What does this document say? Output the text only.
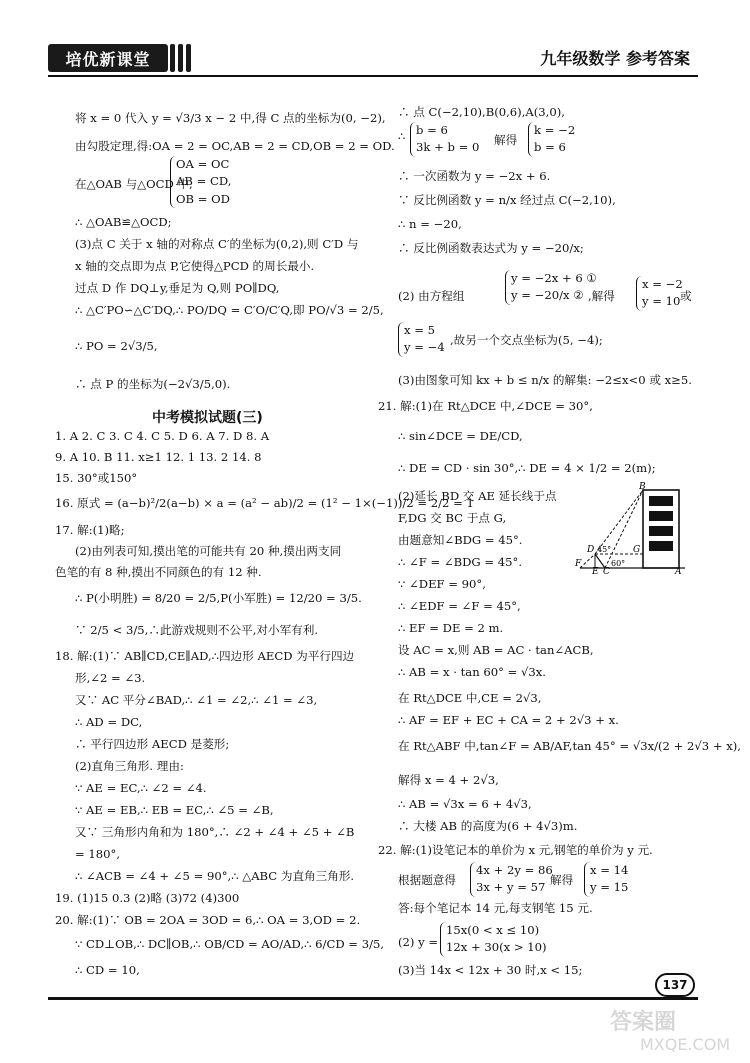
培优新课堂	九年级数学 参考答案
将 x = 0 代入 y = √3/3 x − 2 中,得 C 点的坐标为(0, −2),
由勾股定理,得:OA = 2 = OC,AB = 2 = CD,OB = 2 = OD.
在△OAB 与△OCD 中,
OA = OC
AB = CD,
OB = OD
∴ △OAB≌△OCD;
(3)点 C 关于 x 轴的对称点 C′的坐标为(0,2),则 C′D 与
x 轴的交点即为点 P,它使得△PCD 的周长最小.
过点 D 作 DQ⊥y,垂足为 Q,则 PO∥DQ,
∴ △C′PO∽△C′DQ,∴ PO/DQ = C′O/C′Q,即 PO/√3 = 2/5,
∴ PO = 2√3/5,
∴ 点 P 的坐标为(−2√3/5,0).
中考模拟试题(三)
1. A 2. C 3. C 4. C 5. D 6. A 7. D 8. A
9. A 10. B 11. x≥1 12. 1 13. 2 14. 8
15. 30°或150°
16. 原式 = (a−b)²/2(a−b) × a = (a² − ab)/2 = (1² − 1×(−1))/2 = 2/2 = 1
17. 解:(1)略;
(2)由列表可知,摸出笔的可能共有 20 种,摸出两支同
色笔的有 8 种,摸出不同颜色的有 12 种.
∴ P(小明胜) = 8/20 = 2/5,P(小军胜) = 12/20 = 3/5.
∵ 2/5 < 3/5,∴此游戏规则不公平,对小军有利.
18. 解:(1)∵ AB∥CD,CE∥AD,∴四边形 AECD 为平行四边
形,∠2 = ∠3.
又∵ AC 平分∠BAD,∴ ∠1 = ∠2,∴ ∠1 = ∠3,
∴ AD = DC,
∴ 平行四边形 AECD 是菱形;
(2)直角三角形. 理由:
∵ AE = EC,∴ ∠2 = ∠4.
∵ AE = EB,∴ EB = EC,∴ ∠5 = ∠B,
又∵ 三角形内角和为 180°,∴ ∠2 + ∠4 + ∠5 + ∠B
= 180°,
∴ ∠ACB = ∠4 + ∠5 = 90°,∴ △ABC 为直角三角形.
19. (1)15 0.3 (2)略 (3)72 (4)300
20. 解:(1)∵ OB = 2OA = 3OD = 6,∴ OA = 3,OD = 2.
∵ CD⊥OB,∴ DC∥OB,∴ OB/CD = AO/AD,∴ 6/CD = 3/5,
∴ CD = 10,
∴ 点 C(−2,10),B(0,6),A(3,0),
∴ b = 6
3k + b = 0
解得
k = −2
b = 6
∴ 一次函数为 y = −2x + 6.
∵ 反比例函数 y = n/x 经过点 C(−2,10),
∴ n = −20,
∴ 反比例函数表达式为 y = −20/x;
(2) 由方程组
y = −2x + 6 ①
y = −20/x ② ,解得
x = −2
y = 10 或
x = 5
y = −4
,故另一个交点坐标为(5, −4);
(3)由图象可知 kx + b ≤ n/x 的解集: −2≤x<0 或 x≥5.
21. 解:(1)在 Rt△DCE 中,∠DCE = 30°,
∴ sin∠DCE = DE/CD,
∴ DE = CD · sin 30°,∴ DE = 4 × 1/2 = 2(m);
(2)延长 BD 交 AE 延长线于点
F,DG 交 BC 于点 G,
由题意知∠BDG = 45°.
∴ ∠F = ∠BDG = 45°.
∵ ∠DEF = 90°,
∴ ∠EDF = ∠F = 45°,
∴ EF = DE = 2 m.
设 AC = x,则 AB = AC · tan∠ACB,
∴ AB = x · tan 60° = √3x.
在 Rt△DCE 中,CE = 2√3,
∴ AF = EF + EC + CA = 2 + 2√3 + x.
在 Rt△ABF 中,tan∠F = AB/AF,tan 45° = √3x/(2 + 2√3 + x),
解得 x = 4 + 2√3,
∴ AB = √3x = 6 + 4√3,
∴ 大楼 AB 的高度为(6 + 4√3)m.
22. 解:(1)设笔记本的单价为 x 元,钢笔的单价为 y 元.
根据题意得
4x + 2y = 86
3x + y = 57
解得
x = 14
y = 15
答:每个笔记本 14 元,每支钢笔 15 元.
(2) y =
15x(0 < x ≤ 10)
12x + 30(x > 10)
(3)当 14x < 12x + 30 时,x < 15;
B
D 45° G
60°
F
E C	A
137
答案圈
MXQE.COM
